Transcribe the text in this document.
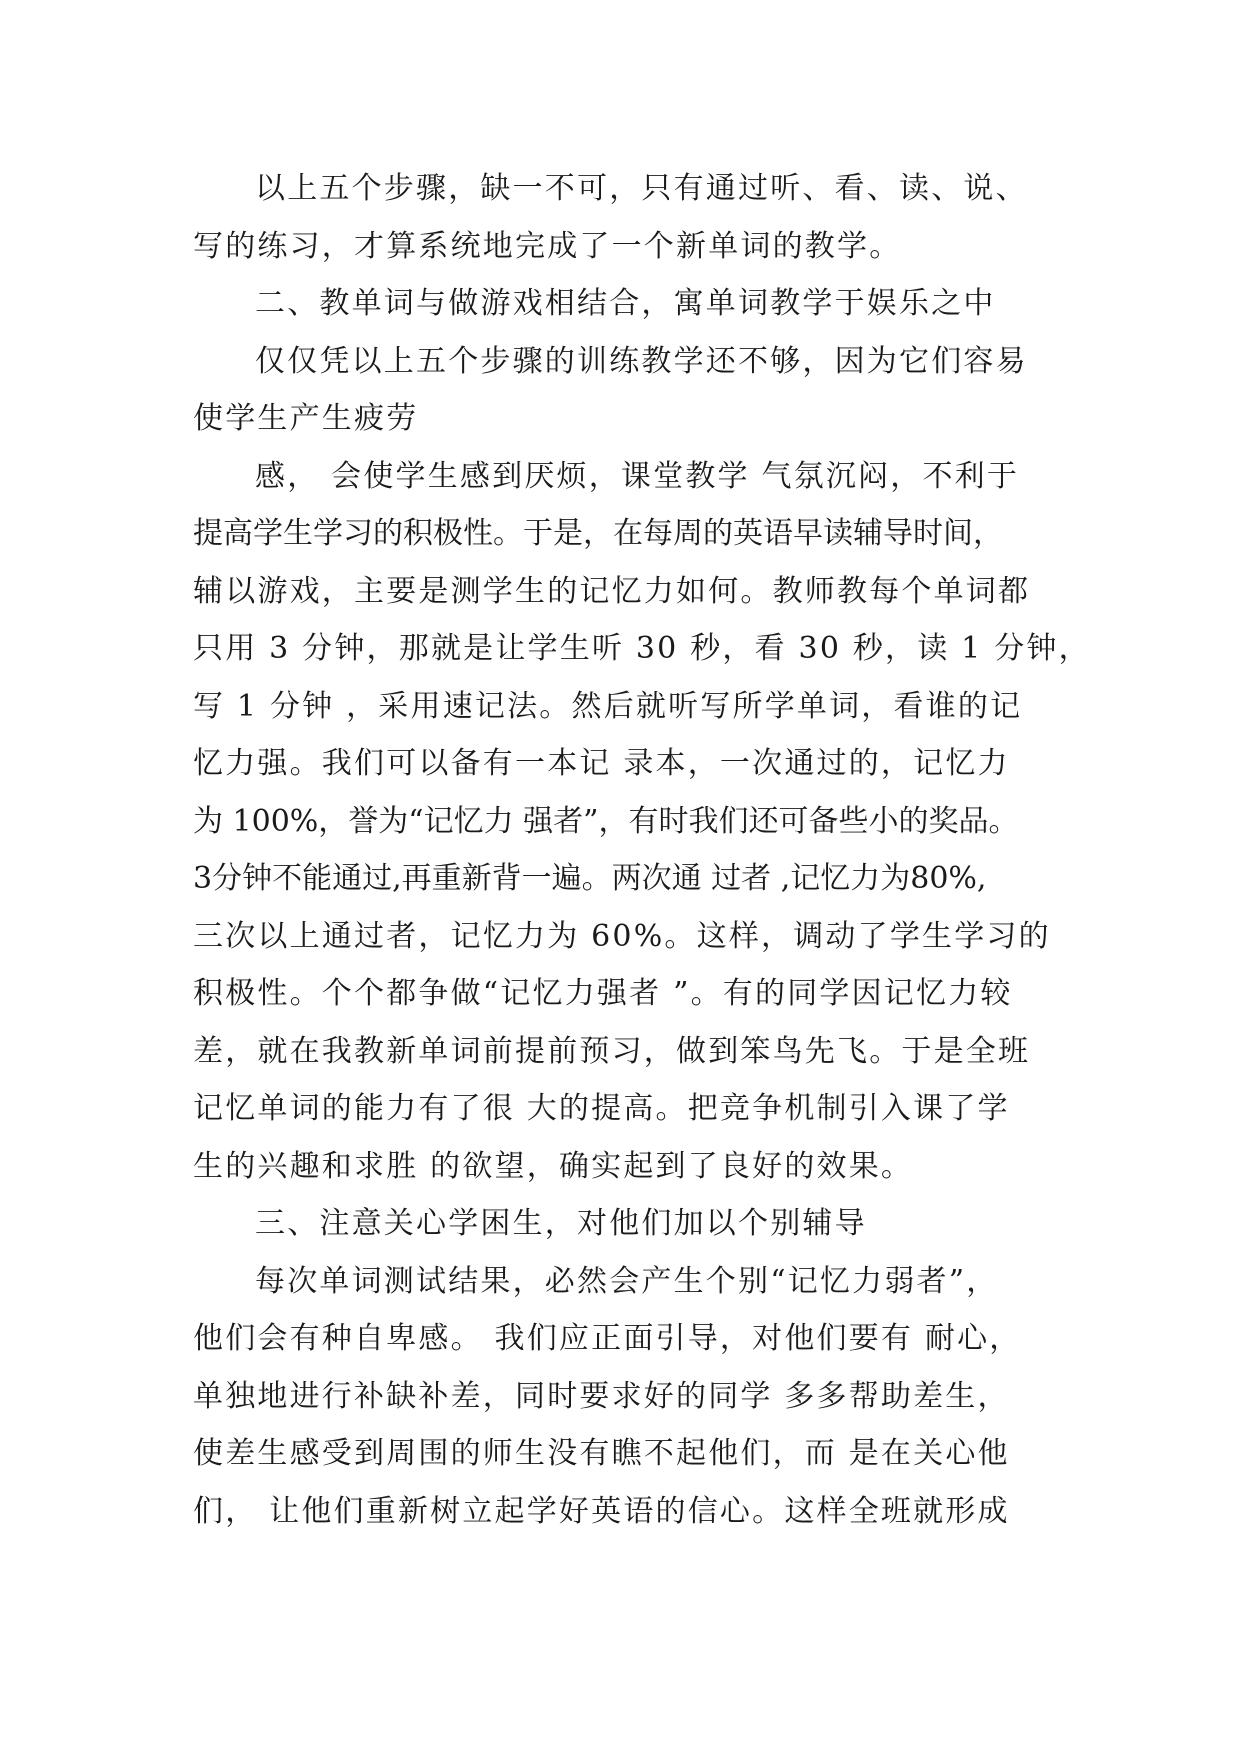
以上五个步骤，缺一不可，只有通过听、看、读、说、
写的练习，才算系统地完成了一个新单词的教学。
二、教单词与做游戏相结合，寓单词教学于娱乐之中
仅仅凭以上五个步骤的训练教学还不够，因为它们容易
使学生产生疲劳
感， 会使学生感到厌烦，课堂教学 气氛沉闷，不利于
提高学生学习的积极性。于是，在每周的英语早读辅导时间，
辅以游戏，主要是测学生的记忆力如何。教师教每个单词都
只用 3 分钟，那就是让学生听 30 秒，看 30 秒，读 1 分钟，
写 1 分钟 ，采用速记法。然后就听写所学单词，看谁的记
忆力强。我们可以备有一本记 录本，一次通过的，记忆力
为 100%，誉为“记忆力 强者”，有时我们还可备些小的奖品。
3分钟不能通过,再重新背一遍。两次通 过者 ,记忆力为80%,
三次以上通过者，记忆力为 60%。这样，调动了学生学习的
积极性。个个都争做“记忆力强者 ”。有的同学因记忆力较
差，就在我教新单词前提前预习，做到笨鸟先飞。于是全班
记忆单词的能力有了很 大的提高。把竞争机制引入课了学
生的兴趣和求胜 的欲望，确实起到了良好的效果。
三、注意关心学困生，对他们加以个别辅导
每次单词测试结果，必然会产生个别“记忆力弱者”，
他们会有种自卑感。 我们应正面引导，对他们要有 耐心，
单独地进行补缺补差，同时要求好的同学 多多帮助差生，
使差生感受到周围的师生没有瞧不起他们，而 是在关心他
们， 让他们重新树立起学好英语的信心。这样全班就形成
